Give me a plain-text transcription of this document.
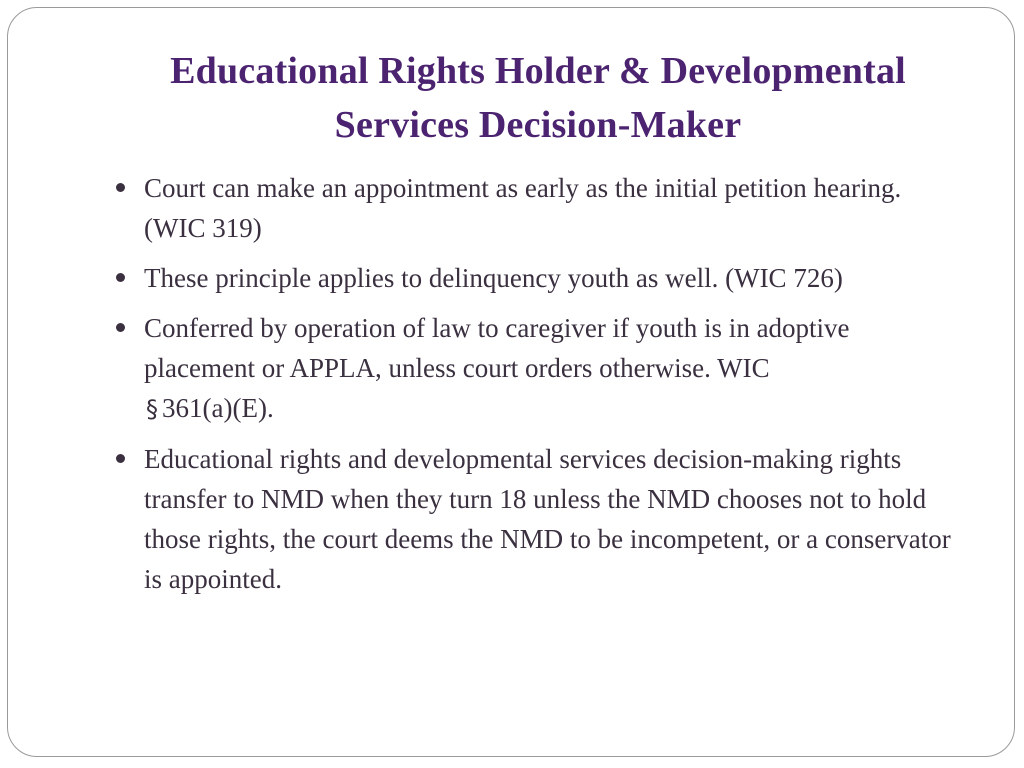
Educational Rights Holder & Developmental
Services Decision-Maker
Court can make an appointment as early as the initial petition hearing. (WIC 319)
These principle applies to delinquency youth as well. (WIC 726)
Conferred by operation of law to caregiver if youth is in adoptive placement or APPLA, unless court orders otherwise. WIC
§ 361(a)(E).
Educational rights and developmental services decision-making rights transfer to NMD when they turn 18 unless the NMD chooses not to hold those rights, the court deems the NMD to be incompetent, or a conservator is appointed.
